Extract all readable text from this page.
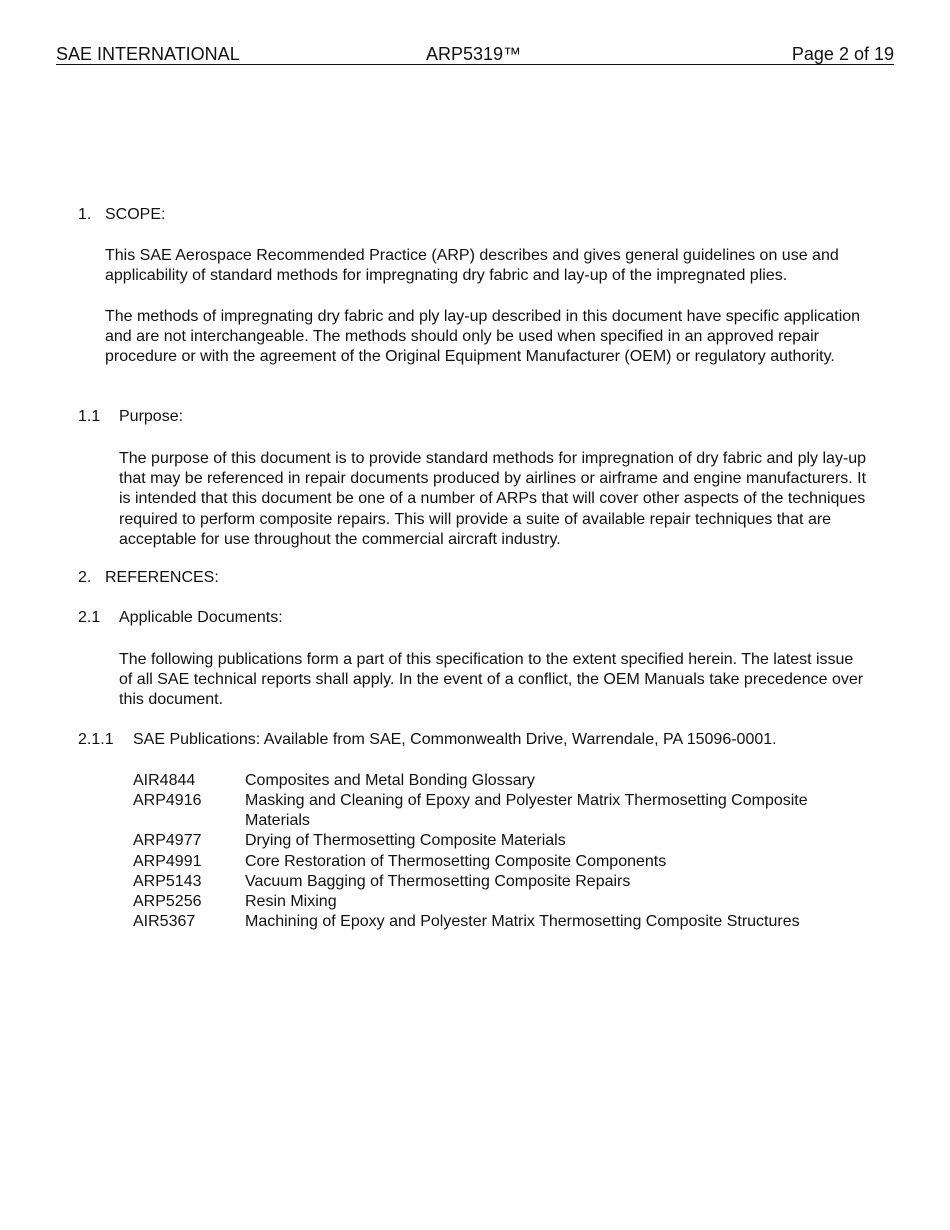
SAE INTERNATIONAL	ARP5319™	Page 2 of 19
1. SCOPE:
This SAE Aerospace Recommended Practice (ARP) describes and gives general guidelines on use and applicability of standard methods for impregnating dry fabric and lay-up of the impregnated plies.
The methods of impregnating dry fabric and ply lay-up described in this document have specific application and are not interchangeable. The methods should only be used when specified in an approved repair procedure or with the agreement of the Original Equipment Manufacturer (OEM) or regulatory authority.
1.1 Purpose:
The purpose of this document is to provide standard methods for impregnation of dry fabric and ply lay-up that may be referenced in repair documents produced by airlines or airframe and engine manufacturers. It is intended that this document be one of a number of ARPs that will cover other aspects of the techniques required to perform composite repairs. This will provide a suite of available repair techniques that are acceptable for use throughout the commercial aircraft industry.
2. REFERENCES:
2.1 Applicable Documents:
The following publications form a part of this specification to the extent specified herein. The latest issue of all SAE technical reports shall apply. In the event of a conflict, the OEM Manuals take precedence over this document.
2.1.1 SAE Publications: Available from SAE, Commonwealth Drive, Warrendale, PA 15096-0001.
AIR4844	Composites and Metal Bonding Glossary
ARP4916	Masking and Cleaning of Epoxy and Polyester Matrix Thermosetting Composite Materials
ARP4977	Drying of Thermosetting Composite Materials
ARP4991	Core Restoration of Thermosetting Composite Components
ARP5143	Vacuum Bagging of Thermosetting Composite Repairs
ARP5256	Resin Mixing
AIR5367	Machining of Epoxy and Polyester Matrix Thermosetting Composite Structures
